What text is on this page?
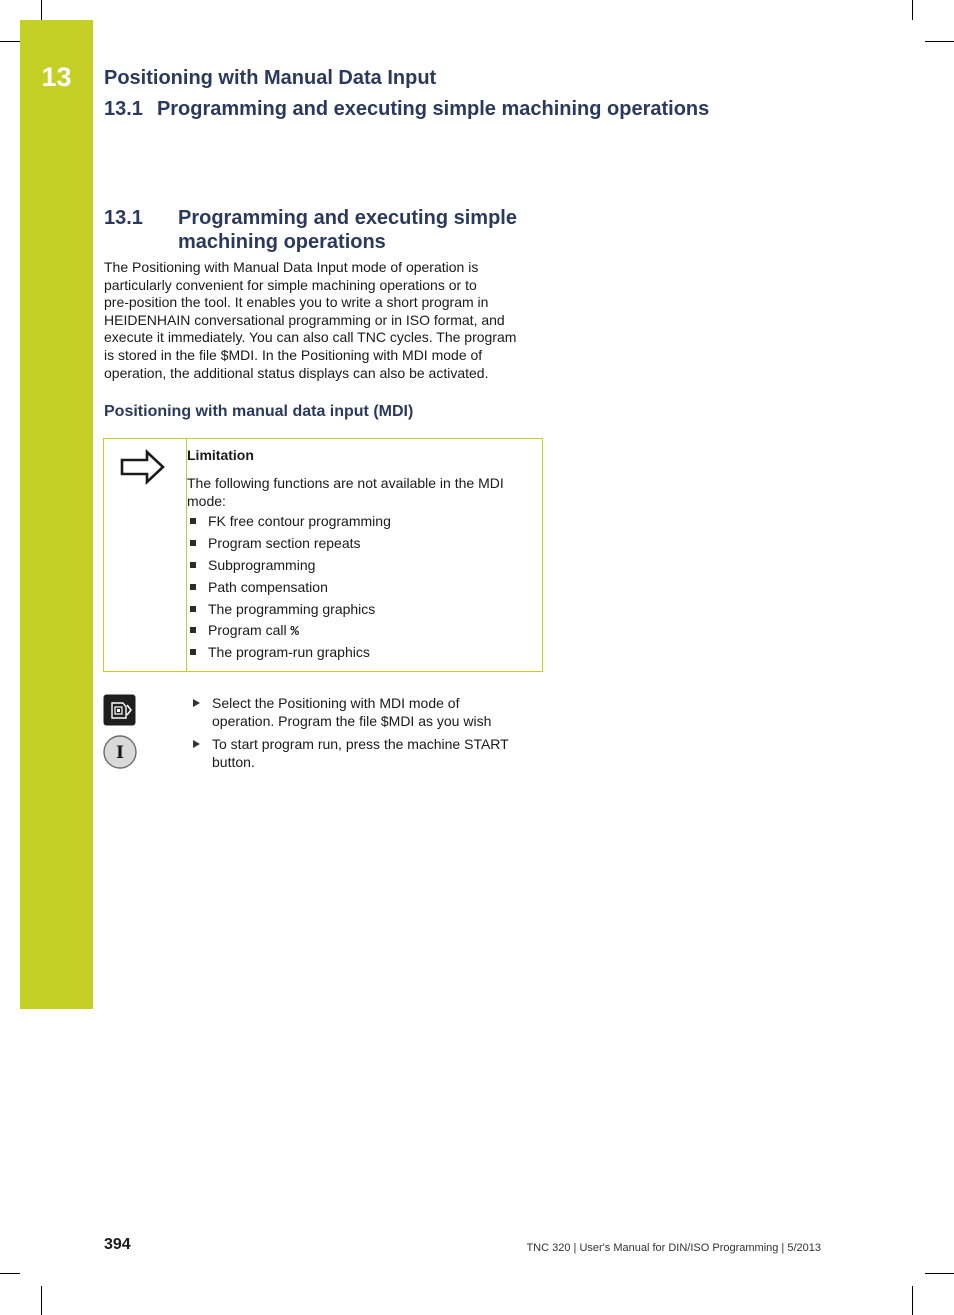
13	Positioning with Manual Data Input
13.1 Programming and executing simple machining operations
13.1 Programming and executing simple
machining operations
The Positioning with Manual Data Input mode of operation is
particularly convenient for simple machining operations or to
pre-position the tool. It enables you to write a short program in
HEIDENHAIN conversational programming or in ISO format, and
execute it immediately. You can also call TNC cycles. The program
is stored in the file $MDI. In the Positioning with MDI mode of
operation, the additional status displays can also be activated.
Positioning with manual data input (MDI)
Limitation
The following functions are not available in the MDI
mode:
FK free contour programming
Program section repeats
Subprogramming
Path compensation
The programming graphics
Program call %
The program-run graphics
I
Select the Positioning with MDI mode of
operation. Program the file $MDI as you wish
To start program run, press the machine START
button.
394	TNC 320 | User's Manual for DIN/ISO Programming | 5/2013
